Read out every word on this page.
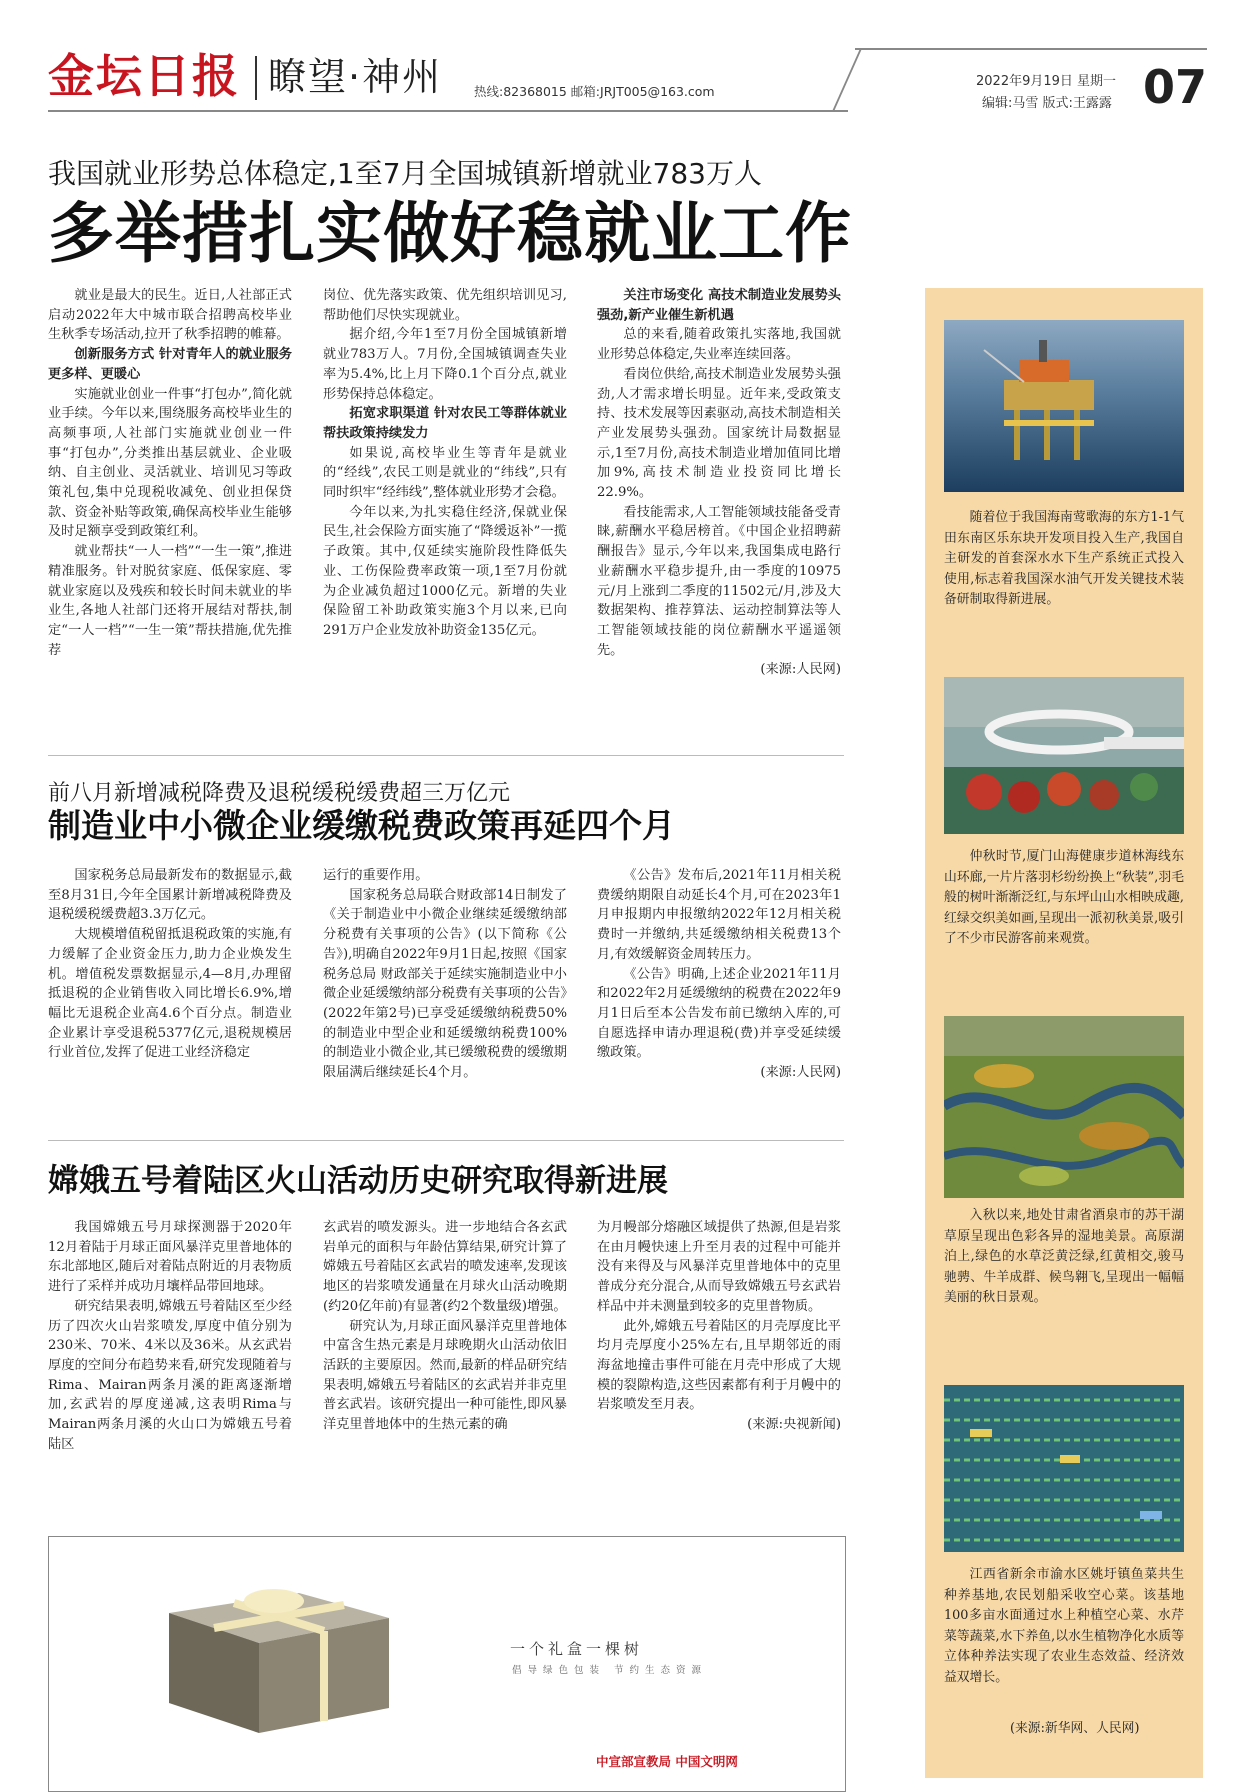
金坛日报 瞭望·神州	热线:82368015 邮箱:JRJT005@163.com
2022年9月19日 星期一
编辑:马雪 版式:王露露 07
我国就业形势总体稳定,1至7月全国城镇新增就业783万人
多举措扎实做好稳就业工作

就业是最大的民生。近日,人社部正式启动2022年大中城市联合招聘高校毕业生秋季专场活动,拉开了秋季招聘的帷幕。

创新服务方式 针对青年人的就业服务更多样、更暖心

实施就业创业一件事“打包办”,简化就业手续。今年以来,围绕服务高校毕业生的高频事项,人社部门实施就业创业一件事“打包办”,分类推出基层就业、企业吸纳、自主创业、灵活就业、培训见习等政策礼包,集中兑现税收减免、创业担保贷款、资金补贴等政策,确保高校毕业生能够及时足额享受到政策红利。

就业帮扶“一人一档”“一生一策”,推进精准服务。针对脱贫家庭、低保家庭、零就业家庭以及残疾和较长时间未就业的毕业生,各地人社部门还将开展结对帮扶,制定“一人一档”“一生一策”帮扶措施,优先推荐

岗位、优先落实政策、优先组织培训见习,帮助他们尽快实现就业。

据介绍,今年1至7月份全国城镇新增就业783万人。7月份,全国城镇调查失业率为5.4%,比上月下降0.1个百分点,就业形势保持总体稳定。

拓宽求职渠道 针对农民工等群体就业帮扶政策持续发力

如果说,高校毕业生等青年是就业的“经线”,农民工则是就业的“纬线”,只有同时织牢“经纬线”,整体就业形势才会稳。

今年以来,为扎实稳住经济,保就业保民生,社会保险方面实施了“降缓返补”一揽子政策。其中,仅延续实施阶段性降低失业、工伤保险费率政策一项,1至7月份就为企业减负超过1000亿元。新增的失业保险留工补助政策实施3个月以来,已向291万户企业发放补助资金135亿元。

关注市场变化 高技术制造业发展势头强劲,新产业催生新机遇

总的来看,随着政策扎实落地,我国就业形势总体稳定,失业率连续回落。

看岗位供给,高技术制造业发展势头强劲,人才需求增长明显。近年来,受政策支持、技术发展等因素驱动,高技术制造相关产业发展势头强劲。国家统计局数据显示,1至7月份,高技术制造业增加值同比增加9%,高技术制造业投资同比增长22.9%。

看技能需求,人工智能领域技能备受青睐,薪酬水平稳居榜首。《中国企业招聘薪酬报告》显示,今年以来,我国集成电路行业薪酬水平稳步提升,由一季度的10975元/月上涨到二季度的11502元/月,涉及大数据架构、推荐算法、运动控制算法等人工智能领域技能的岗位薪酬水平遥遥领先。

(来源:人民网)

前八月新增减税降费及退税缓税缓费超三万亿元
制造业中小微企业缓缴税费政策再延四个月

国家税务总局最新发布的数据显示,截至8月31日,今年全国累计新增减税降费及退税缓税缓费超3.3万亿元。

大规模增值税留抵退税政策的实施,有力缓解了企业资金压力,助力企业焕发生机。增值税发票数据显示,4—8月,办理留抵退税的企业销售收入同比增长6.9%,增幅比无退税企业高4.6个百分点。制造业企业累计享受退税5377亿元,退税规模居行业首位,发挥了促进工业经济稳定

运行的重要作用。

国家税务总局联合财政部14日制发了《关于制造业中小微企业继续延缓缴纳部分税费有关事项的公告》(以下简称《公告》),明确自2022年9月1日起,按照《国家税务总局 财政部关于延续实施制造业中小微企业延缓缴纳部分税费有关事项的公告》(2022年第2号)已享受延缓缴纳税费50%的制造业中型企业和延缓缴纳税费100%的制造业小微企业,其已缓缴税费的缓缴期限届满后继续延长4个月。

《公告》发布后,2021年11月相关税费缓纳期限自动延长4个月,可在2023年1月申报期内申报缴纳2022年12月相关税费时一并缴纳,共延缓缴纳相关税费13个月,有效缓解资金周转压力。

《公告》明确,上述企业2021年11月和2022年2月延缓缴纳的税费在2022年9月1日后至本公告发布前已缴纳入库的,可自愿选择申请办理退税(费)并享受延续缓缴政策。

(来源:人民网)

嫦娥五号着陆区火山活动历史研究取得新进展

我国嫦娥五号月球探测器于2020年12月着陆于月球正面风暴洋克里普地体的东北部地区,随后对着陆点附近的月表物质进行了采样并成功月壤样品带回地球。

研究结果表明,嫦娥五号着陆区至少经历了四次火山岩浆喷发,厚度中值分别为230米、70米、4米以及36米。从玄武岩厚度的空间分布趋势来看,研究发现随着与Rima、Mairan两条月溪的距离逐渐增加,玄武岩的厚度递减,这表明Rima与Mairan两条月溪的火山口为嫦娥五号着陆区

玄武岩的喷发源头。进一步地结合各玄武岩单元的面积与年龄估算结果,研究计算了嫦娥五号着陆区玄武岩的喷发速率,发现该地区的岩浆喷发通量在月球火山活动晚期(约20亿年前)有显著(约2个数量级)增强。

研究认为,月球正面风暴洋克里普地体中富含生热元素是月球晚期火山活动依旧活跃的主要原因。然而,最新的样品研究结果表明,嫦娥五号着陆区的玄武岩并非克里普玄武岩。该研究提出一种可能性,即风暴洋克里普地体中的生热元素的确

为月幔部分熔融区域提供了热源,但是岩浆在由月幔快速上升至月表的过程中可能并没有来得及与风暴洋克里普地体中的克里普成分充分混合,从而导致嫦娥五号玄武岩样品中并未测量到较多的克里普物质。

此外,嫦娥五号着陆区的月壳厚度比平均月壳厚度小25%左右,且早期邻近的雨海盆地撞击事件可能在月壳中形成了大规模的裂隙构造,这些因素都有利于月幔中的岩浆喷发至月表。

(来源:央视新闻)

随着位于我国海南莺歌海的东方1-1气田东南区乐东块开发项目投入生产,我国自主研发的首套深水水下生产系统正式投入使用,标志着我国深水油气开发关键技术装备研制取得新进展。
仲秋时节,厦门山海健康步道林海线东山环廊,一片片落羽杉纷纷换上“秋装”,羽毛般的树叶渐渐泛红,与东坪山山水相映成趣,红绿交织美如画,呈现出一派初秋美景,吸引了不少市民游客前来观赏。
入秋以来,地处甘肃省酒泉市的苏干湖草原呈现出色彩各异的湿地美景。高原湖泊上,绿色的水草泛黄泛绿,红黄相交,骏马驰骋、牛羊成群、候鸟翱飞,呈现出一幅幅美丽的秋日景观。
江西省新余市渝水区姚圩镇鱼菜共生种养基地,农民划船采收空心菜。该基地100多亩水面通过水上种植空心菜、水芹菜等蔬菜,水下养鱼,以水生植物净化水质等立体种养法实现了农业生态效益、经济效益双增长。
(来源:新华网、人民网)
一个礼盒一棵树
倡导绿色包装 节约生态资源
中宣部宣教局 中国文明网
